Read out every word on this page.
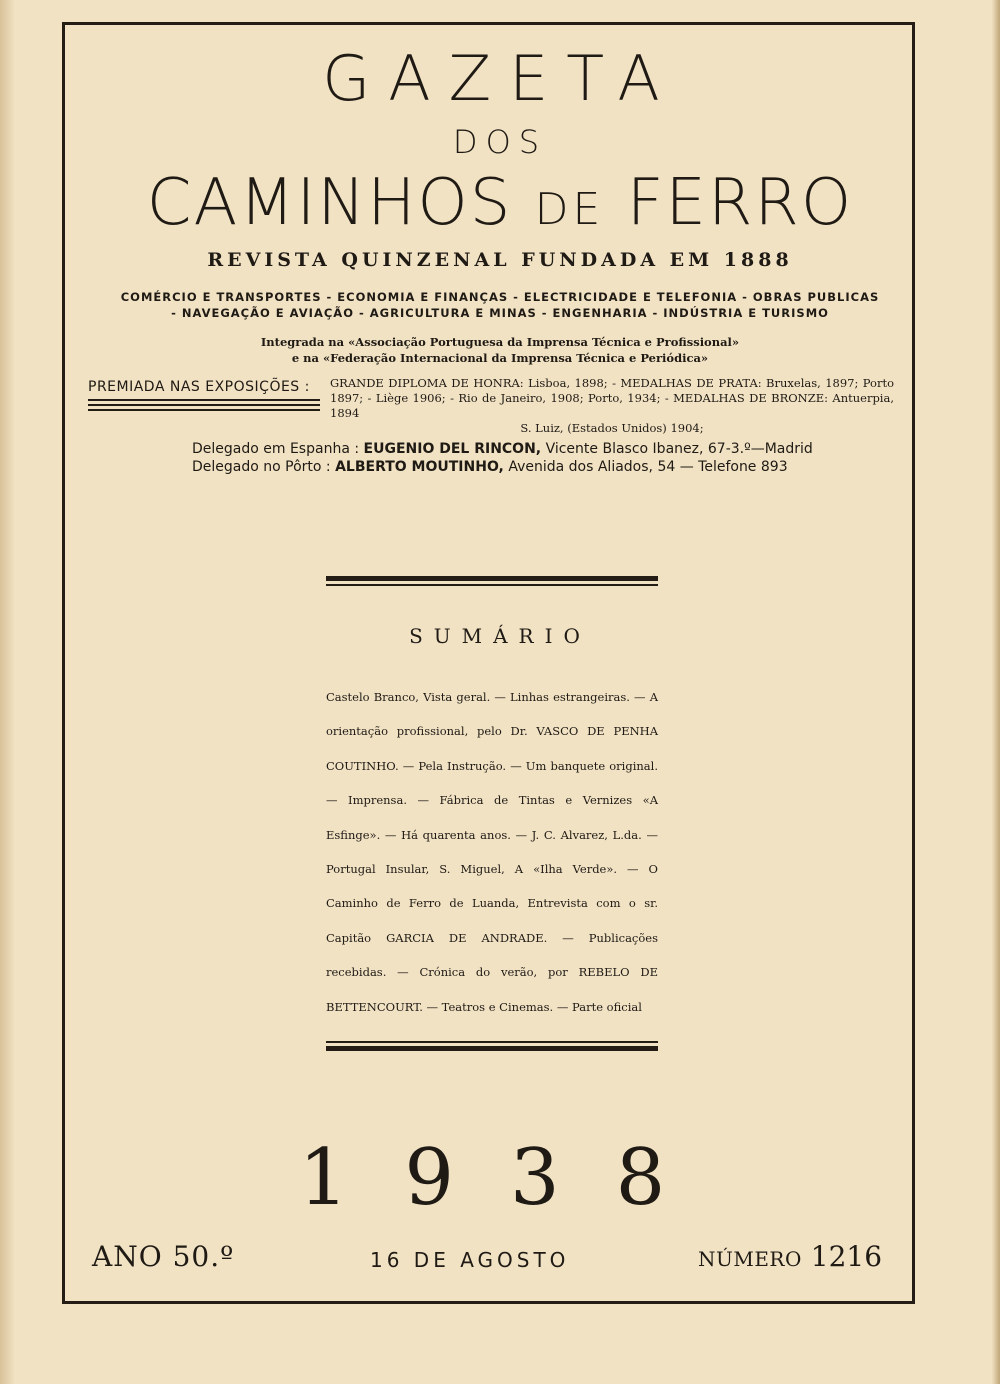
GAZETA
DOS
CAMINHOS DE FERRO
REVISTA QUINZENAL FUNDADA EM 1888
COMÉRCIO E TRANSPORTES - ECONOMIA E FINANÇAS - ELECTRICIDADE E TELEFONIA - OBRAS PUBLICAS
- NAVEGAÇÃO E AVIAÇÃO - AGRICULTURA E MINAS - ENGENHARIA - INDÚSTRIA E TURISMO
Integrada na «Associação Portuguesa da Imprensa Técnica e Profissional»
e na «Federação Internacional da Imprensa Técnica e Periódica»
PREMIADA NAS EXPOSIÇÕES : GRANDE DIPLOMA DE HONRA: Lisboa, 1898; - MEDALHAS DE PRATA: Bruxelas, 1897; Porto 1897; - Liège 1906; - Rio de Janeiro, 1908; Porto, 1934; - MEDALHAS DE BRONZE: Antuerpia, 1894
S. Luiz, (Estados Unidos) 1904;
Delegado em Espanha : EUGENIO DEL RINCON, Vicente Blasco Ibanez, 67-3.º—Madrid
Delegado no Pôrto : ALBERTO MOUTINHO, Avenida dos Aliados, 54 — Telefone 893
SUMÁRIO
Castelo Branco, Vista geral. — Linhas estrangeiras. — A orientação profissional, pelo Dr. VASCO DE PENHA COUTINHO. — Pela Instrução. — Um banquete original. — Imprensa. — Fábrica de Tintas e Vernizes «A Esfinge». — Há quarenta anos. — J. C. Alvarez, L.da. — Portugal Insular, S. Miguel, A «Ilha Verde». — O Caminho de Ferro de Luanda, Entrevista com o sr. Capitão GARCIA DE ANDRADE. — Publicações recebidas. — Crónica do verão, por REBELO DE BETTENCOURT. — Teatros e Cinemas. — Parte oficial
1938
ANO 50.º	16 DE AGOSTO	NÚMERO 1216
